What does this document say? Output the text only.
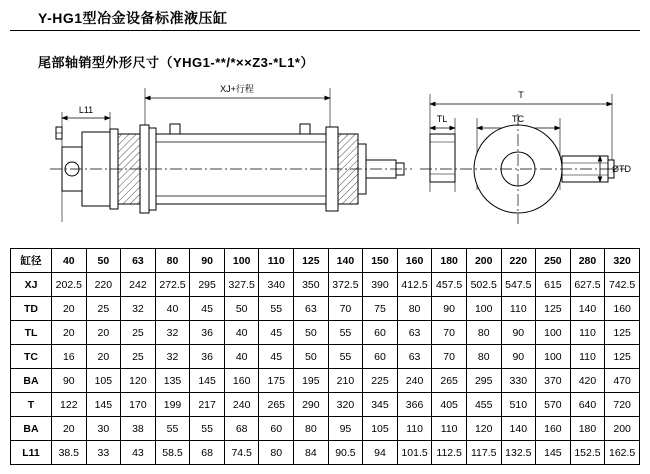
Y-HG1型冶金设备标准液压缸
尾部轴销型外形尺寸（YHG1-**/*××Z3-*L1*）
XJ+行程
L11
T
TL	TC
ØTD
缸径	40	50	63	80	90	100	110	125	140	150	160	180	200	220	250	280	320
XJ	202.5	220	242	272.5	295	327.5	340	350	372.5	390	412.5	457.5	502.5	547.5	615	627.5	742.5
TD	20	25	32	40	45	50	55	63	70	75	80	90	100	110	125	140	160
TL	20	20	25	32	36	40	45	50	55	60	63	70	80	90	100	110	125
TC	16	20	25	32	36	40	45	50	55	60	63	70	80	90	100	110	125
BA	90	105	120	135	145	160	175	195	210	225	240	265	295	330	370	420	470
T	122	145	170	199	217	240	265	290	320	345	366	405	455	510	570	640	720
BA	20	30	38	55	55	68	60	80	95	105	110	110	120	140	160	180	200
L11	38.5	33	43	58.5	68	74.5	80	84	90.5	94	101.5	112.5	117.5	132.5	145	152.5	162.5
